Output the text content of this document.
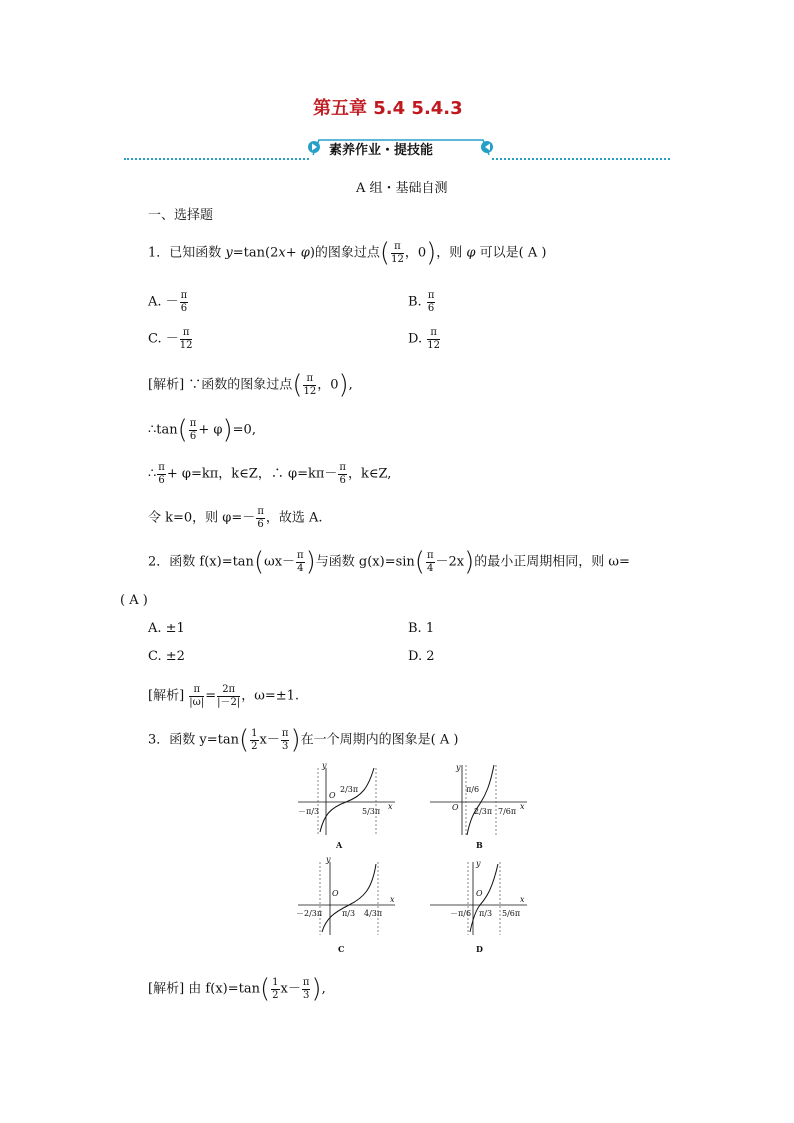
第五章 5.4 5.4.3
素养作业・提技能
A 组・基础自测
一、选择题
1．已知函数 y=tan(2x+ φ)的图象过点( $\frac{\pi}{12}$ ，0)，则 φ 可以是( A )
A. － $\frac{\pi}{6}$	B. $\frac{\pi}{6}$
C. － $\frac{\pi}{12}$	D. $\frac{\pi}{12}$
[解析] ∵函数的图象过点( $\frac{\pi}{12}$ ，0),
∴tan( $\frac{\pi}{6} + \varphi)=0$,
∴ $\frac{\pi}{6} + \varphi=k\pi$，k∈Z，∴ $\varphi=k\pi- \frac{\pi}{6}$ ，k∈Z,
令 k=0，则 $\varphi=- \frac{\pi}{6}$ ，故选 A.
2．函数 $f(x)=\tan(\omega x- \frac{\pi}{4}$ )与函数 $g(x)=\sin( \frac{\pi}{4} -2x)$的最小正周期相同，则 ω=
( A )
A. ±1	B. 1
C. ±2	D. 2
[解析] $\frac{\pi}{|\omega|} = \frac{2\pi}{|-2|}$ ，ω=±1.
3．函数 $y=\tan( \frac{1}{2} x- \frac{\pi}{3}$ )在一个周期内的图象是( A )
y
x
O
－π/3
2/3π
5/3π
A
y
x
O
π/6
2/3π 7/6π
B
y
x
O
－2/3π π/3 4/3π
C
y
x
O
－π/6 π/3 5/6π
D
[解析] 由 $f(x)=\tan( \frac{1}{2} x- \frac{\pi}{3}$ ),
